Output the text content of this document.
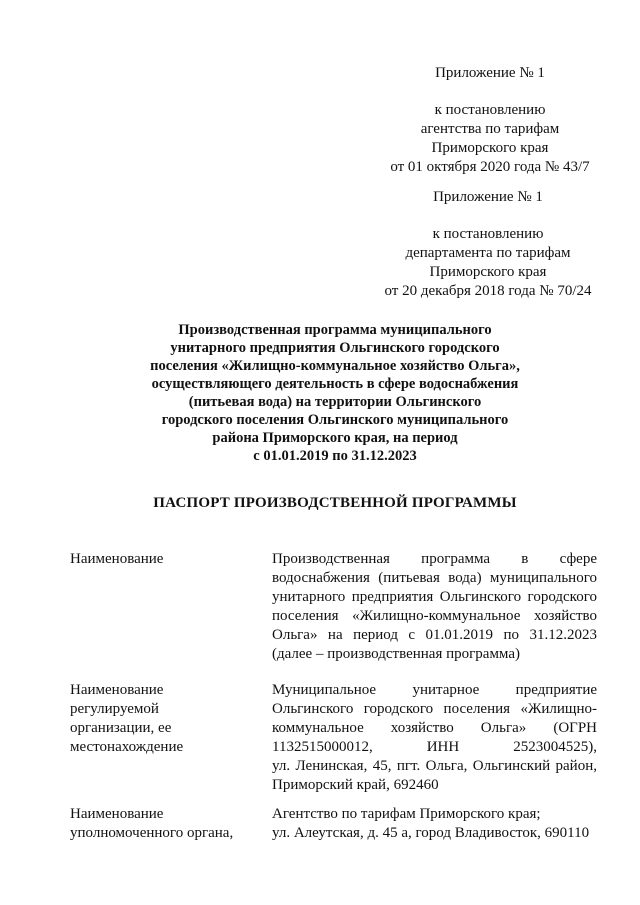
Приложение № 1
к постановлению
агентства по тарифам
Приморского края
от 01 октября 2020 года № 43/7
Приложение № 1
к постановлению
департамента по тарифам
Приморского края
от 20 декабря 2018 года № 70/24
Производственная программа муниципального
унитарного предприятия Ольгинского городского
поселения «Жилищно-коммунальное хозяйство Ольга»,
осуществляющего деятельность в сфере водоснабжения
(питьевая вода) на территории Ольгинского
городского поселения Ольгинского муниципального
района Приморского края, на период
с 01.01.2019 по 31.12.2023
ПАСПОРТ ПРОИЗВОДСТВЕННОЙ ПРОГРАММЫ
Наименование	Производственная программа в сфере
водоснабжения (питьевая вода) муниципального
унитарного предприятия Ольгинского городского
поселения «Жилищно-коммунальное хозяйство
Ольга» на период с 01.01.2019 по 31.12.2023
(далее – производственная программа)
Наименование
регулируемой
организации, ее
местонахождение
Муниципальное унитарное предприятие
Ольгинского городского поселения «Жилищно-
коммунальное хозяйство Ольга» (ОГРН
1132515000012, ИНН 2523004525),
ул. Ленинская, 45, пгт. Ольга, Ольгинский район,
Приморский край, 692460
Наименование
уполномоченного органа,
Агентство по тарифам Приморского края;
ул. Алеутская, д. 45 а, город Владивосток, 690110
